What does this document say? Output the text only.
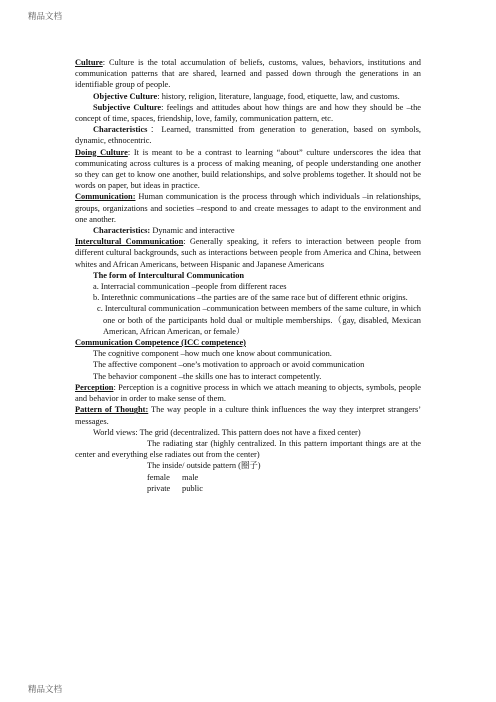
精品文档

Culture: Culture is the total accumulation of beliefs, customs, values, behaviors, institutions and communication patterns that are shared, learned and passed down through the generations in an identifiable group of people.

Objective Culture: history, religion, literature, language, food, etiquette, law, and customs.

Subjective Culture: feelings and attitudes about how things are and how they should be –the concept of time, spaces, friendship, love, family, communication pattern, etc.

Characteristics：Learned, transmitted from generation to generation, based on symbols, dynamic, ethnocentric.

Doing Culture: It is meant to be a contrast to learning “about” culture underscores the idea that communicating across cultures is a process of making meaning, of people understanding one another so they can get to know one another, build relationships, and solve problems together. It should not be words on paper, but ideas in practice.

Communication: Human communication is the process through which individuals –in relationships, groups, organizations and societies –respond to and create messages to adapt to the environment and one another.

Characteristics: Dynamic and interactive

Intercultural Communication: Generally speaking, it refers to interaction between people from different cultural backgrounds, such as interactions between people from America and China, between whites and African Americans, between Hispanic and Japanese Americans

The form of Intercultural Communication

a. Interracial communication –people from different races

b. Interethnic communications –the parties are of the same race but of different ethnic origins.

c. Intercultural communication –communication between members of the same culture, in which one or both of the participants hold dual or multiple memberships.（gay, disabled, Mexican American, African American, or female）

Communication Competence (ICC competence)

The cognitive component –how much one know about communication.

The affective component –one’s motivation to approach or avoid communication

The behavior component –the skills one has to interact competently.

Perception: Perception is a cognitive process in which we attach meaning to objects, symbols, people and behavior in order to make sense of them.

Pattern of Thought: The way people in a culture think influences the way they interpret strangers’ messages.

World views: The grid (decentralized. This pattern does not have a fixed center)

The radiating star (highly centralized. In this pattern important things are at the center and everything else radiates out from the center)

The inside/ outside pattern (圈子)

female male

private public

精品文档
